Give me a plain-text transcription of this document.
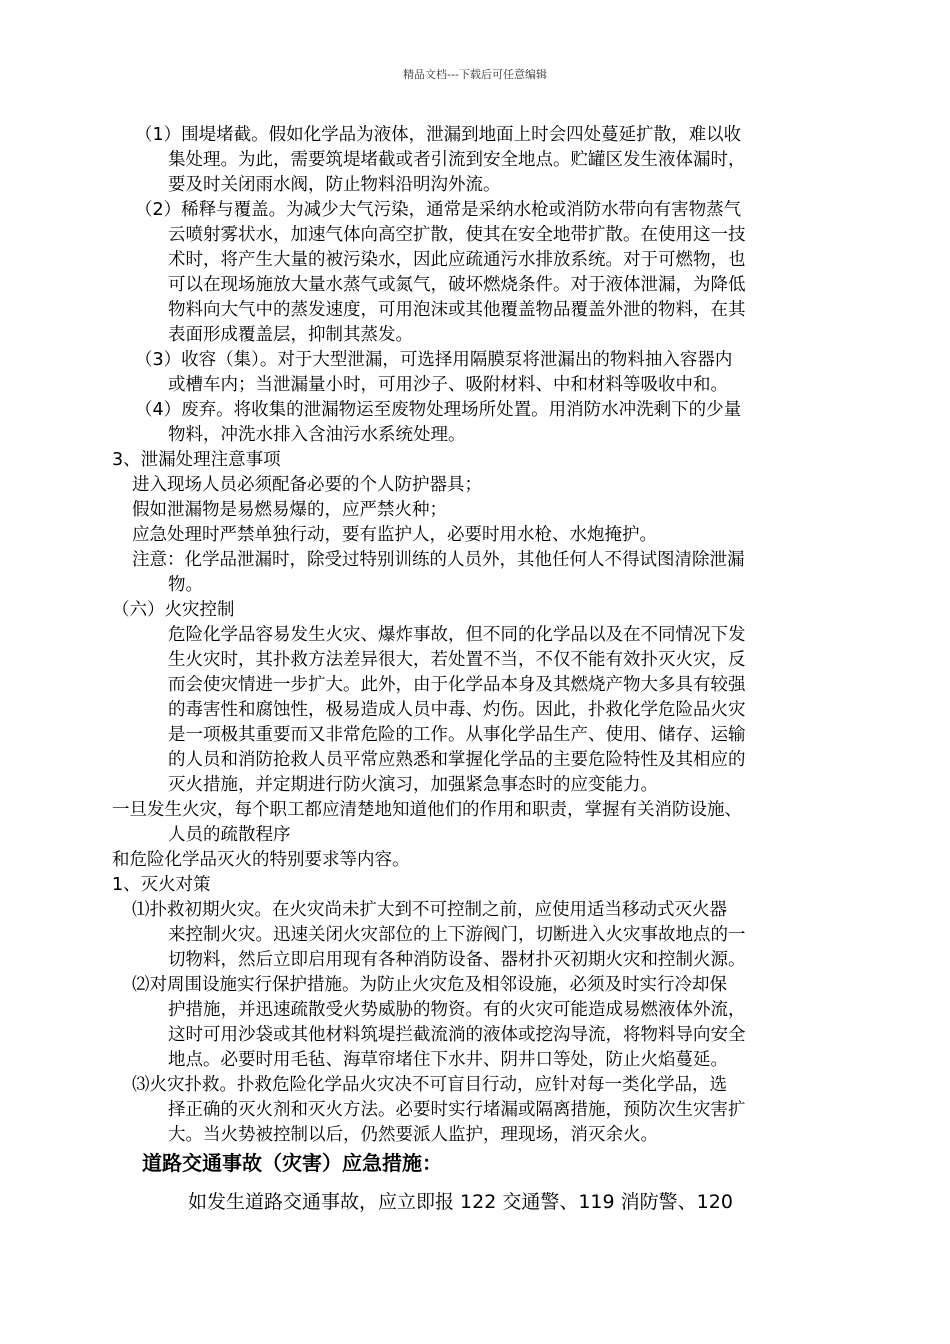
精品文档---下载后可任意编辑
（1）围堤堵截。假如化学品为液体，泄漏到地面上时会四处蔓延扩散，难以收
集处理。为此，需要筑堤堵截或者引流到安全地点。贮罐区发生液体漏时，
要及时关闭雨水阀，防止物料沿明沟外流。
（2）稀释与覆盖。为减少大气污染，通常是采纳水枪或消防水带向有害物蒸气
云喷射雾状水，加速气体向高空扩散，使其在安全地带扩散。在使用这一技
术时，将产生大量的被污染水，因此应疏通污水排放系统。对于可燃物，也
可以在现场施放大量水蒸气或氮气，破坏燃烧条件。对于液体泄漏，为降低
物料向大气中的蒸发速度，可用泡沫或其他覆盖物品覆盖外泄的物料，在其
表面形成覆盖层，抑制其蒸发。
（3）收容（集）。对于大型泄漏，可选择用隔膜泵将泄漏出的物料抽入容器内
或槽车内；当泄漏量小时，可用沙子、吸附材料、中和材料等吸收中和。
（4）废弃。将收集的泄漏物运至废物处理场所处置。用消防水冲洗剩下的少量
物料，冲洗水排入含油污水系统处理。
3、泄漏处理注意事项
进入现场人员必须配备必要的个人防护器具；
假如泄漏物是易燃易爆的，应严禁火种；
应急处理时严禁单独行动，要有监护人，必要时用水枪、水炮掩护。
注意：化学品泄漏时，除受过特别训练的人员外，其他任何人不得试图清除泄漏
物。
（六）火灾控制
危险化学品容易发生火灾、爆炸事故，但不同的化学品以及在不同情况下发
生火灾时，其扑救方法差异很大，若处置不当，不仅不能有效扑灭火灾，反
而会使灾情进一步扩大。此外，由于化学品本身及其燃烧产物大多具有较强
的毒害性和腐蚀性，极易造成人员中毒、灼伤。因此，扑救化学危险品火灾
是一项极其重要而又非常危险的工作。从事化学品生产、使用、储存、运输
的人员和消防抢救人员平常应熟悉和掌握化学品的主要危险特性及其相应的
灭火措施，并定期进行防火演习，加强紧急事态时的应变能力。
一旦发生火灾，每个职工都应清楚地知道他们的作用和职责，掌握有关消防设施、
人员的疏散程序
和危险化学品灭火的特别要求等内容。
1、灭火对策
⑴扑救初期火灾。在火灾尚未扩大到不可控制之前，应使用适当移动式灭火器
来控制火灾。迅速关闭火灾部位的上下游阀门，切断进入火灾事故地点的一
切物料，然后立即启用现有各种消防设备、器材扑灭初期火灾和控制火源。
⑵对周围设施实行保护措施。为防止火灾危及相邻设施，必须及时实行冷却保
护措施，并迅速疏散受火势威胁的物资。有的火灾可能造成易燃液体外流，
这时可用沙袋或其他材料筑堤拦截流淌的液体或挖沟导流，将物料导向安全
地点。必要时用毛毡、海草帘堵住下水井、阴井口等处，防止火焰蔓延。
⑶火灾扑救。扑救危险化学品火灾决不可盲目行动，应针对每一类化学品，选
择正确的灭火剂和灭火方法。必要时实行堵漏或隔离措施，预防次生灾害扩
大。当火势被控制以后，仍然要派人监护，理现场，消灭余火。
道路交通事故（灾害）应急措施：
如发生道路交通事故，应立即报 122 交通警、119 消防警、120
